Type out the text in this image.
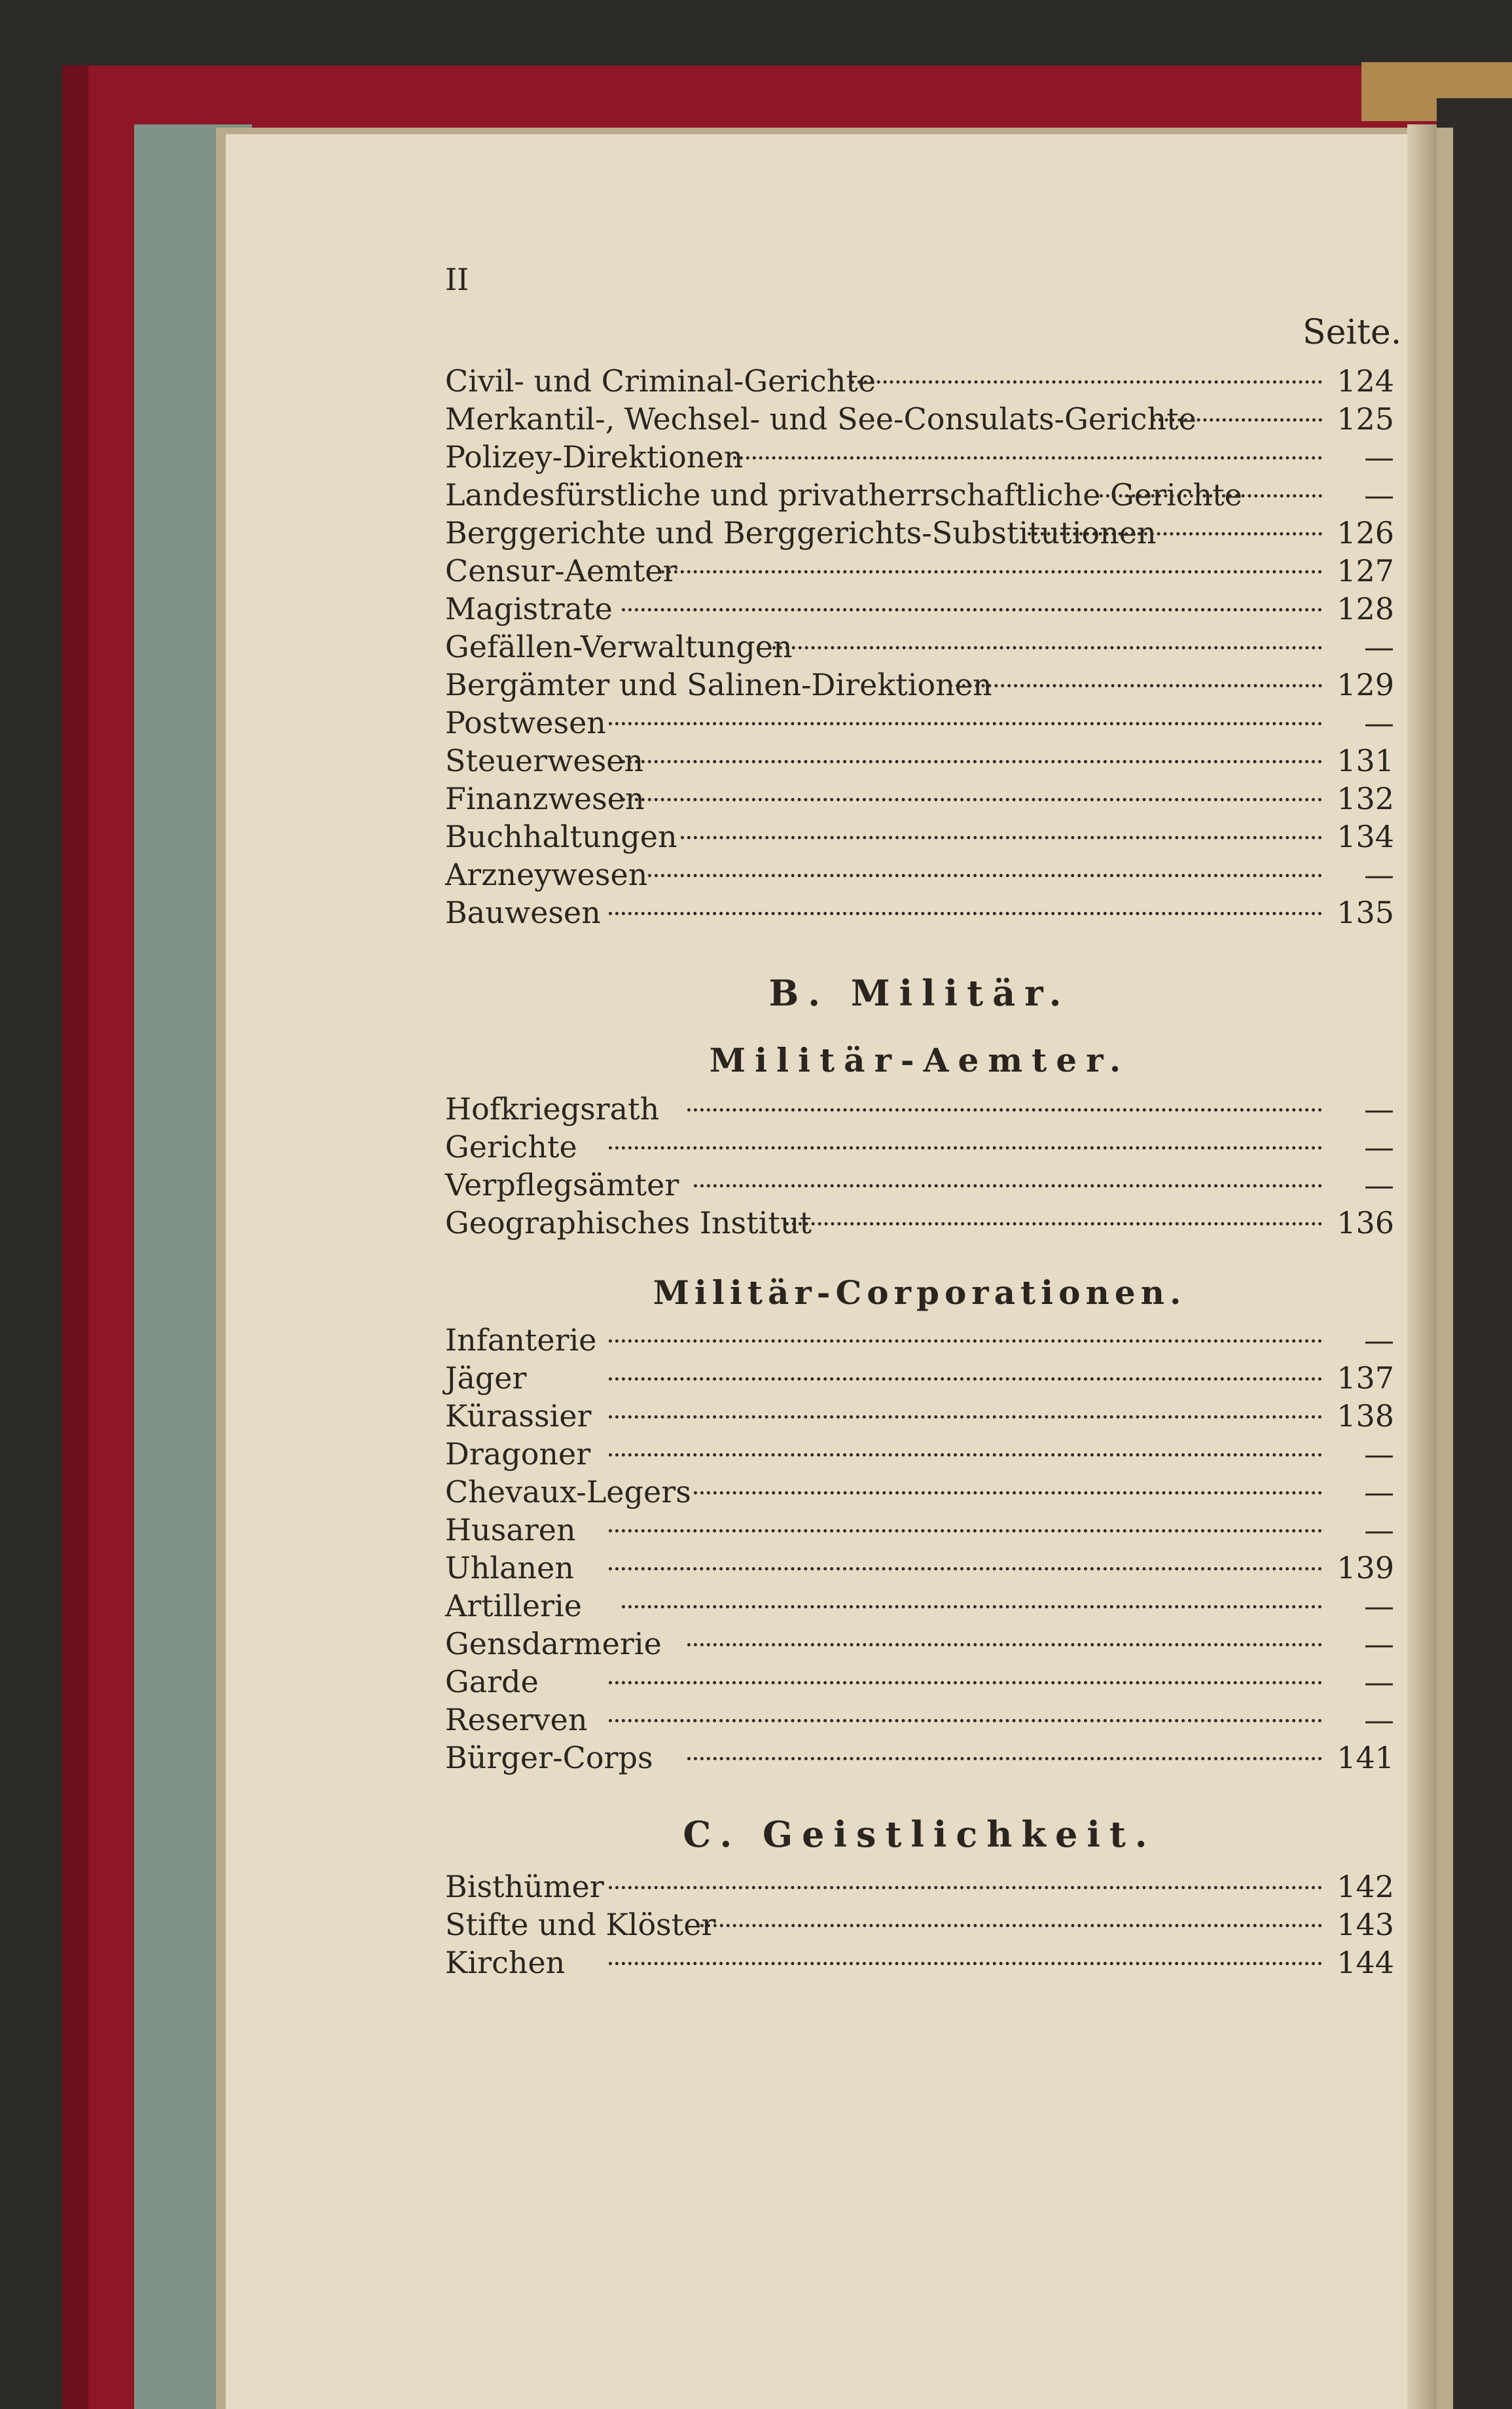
II
Seite.
Civil- und Criminal-Gerichte	124
Merkantil-, Wechsel- und See-Consulats-Gerichte	125
Polizey-Direktionen	—
Landesfürstliche und privatherrschaftliche Gerichte	—
Berggerichte und Berggerichts-Substitutionen	126
Censur-Aemter	127
Magistrate	128
Gefällen-Verwaltungen	—
Bergämter und Salinen-Direktionen	129
Postwesen	—
Steuerwesen	131
Finanzwesen	132
Buchhaltungen	134
Arzneywesen	—
Bauwesen	135
B. Militär.
Militär-Aemter.
Hofkriegsrath	—
Gerichte	—
Verpflegsämter	—
Geographisches Institut	136
Militär-Corporationen.
Infanterie	—
Jäger	137
Kürassier	138
Dragoner	—
Chevaux-Legers	—
Husaren	—
Uhlanen	139
Artillerie	—
Gensdarmerie	—
Garde	—
Reserven	—
Bürger-Corps	141
C. Geistlichkeit.
Bisthümer	142
Stifte und Klöster	143
Kirchen	144
